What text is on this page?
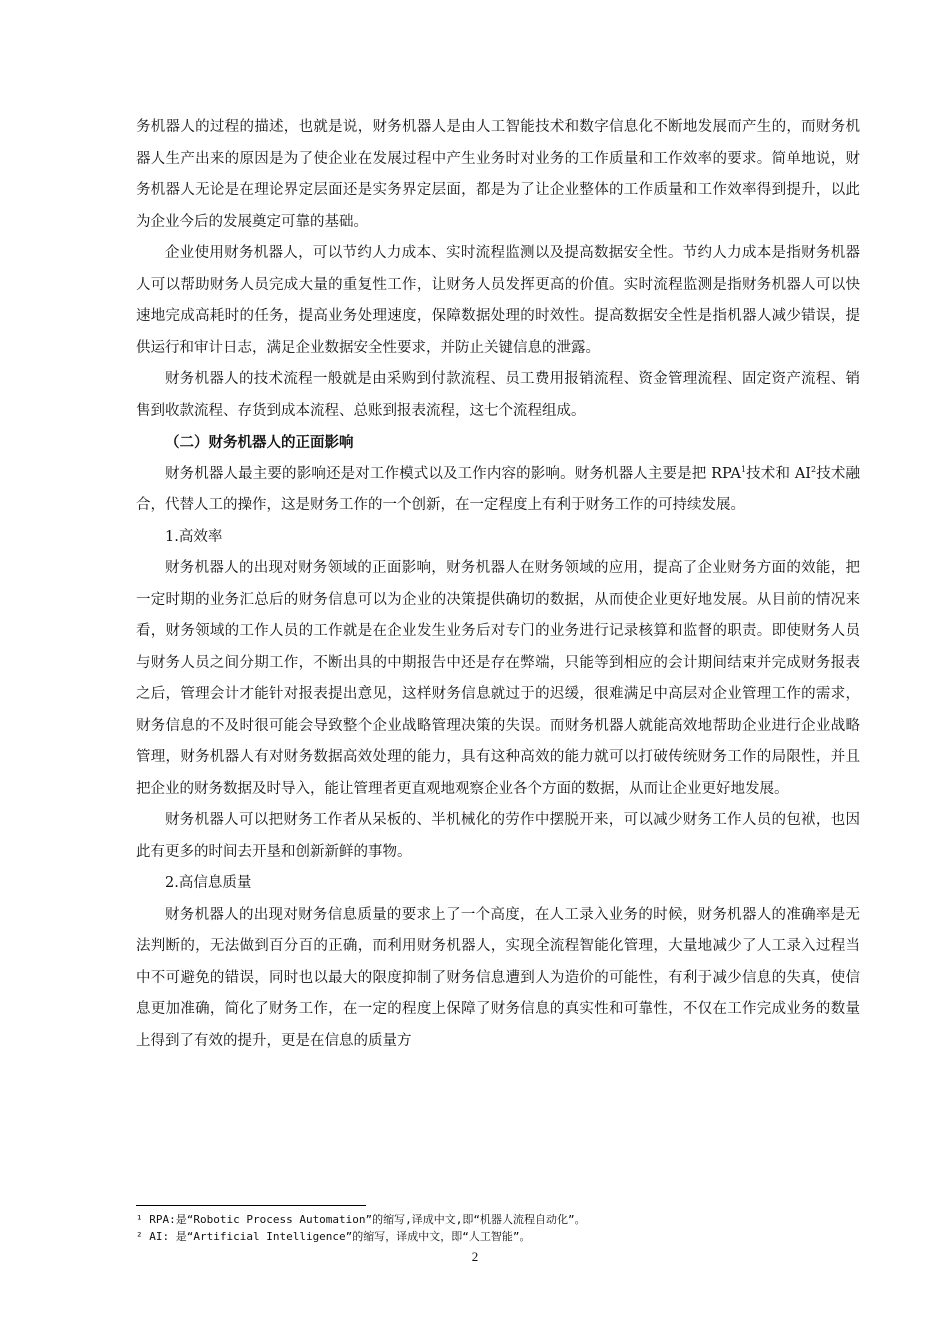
务机器人的过程的描述，也就是说，财务机器人是由人工智能技术和数字信息化不断地发展而产生的，而财务机器人生产出来的原因是为了使企业在发展过程中产生业务时对业务的工作质量和工作效率的要求。简单地说，财务机器人无论是在理论界定层面还是实务界定层面，都是为了让企业整体的工作质量和工作效率得到提升，以此为企业今后的发展奠定可靠的基础。

企业使用财务机器人，可以节约人力成本、实时流程监测以及提高数据安全性。节约人力成本是指财务机器人可以帮助财务人员完成大量的重复性工作，让财务人员发挥更高的价值。实时流程监测是指财务机器人可以快速地完成高耗时的任务，提高业务处理速度，保障数据处理的时效性。提高数据安全性是指机器人减少错误，提供运行和审计日志，满足企业数据安全性要求，并防止关键信息的泄露。

财务机器人的技术流程一般就是由采购到付款流程、员工费用报销流程、资金管理流程、固定资产流程、销售到收款流程、存货到成本流程、总账到报表流程，这七个流程组成。

（二）财务机器人的正面影响

财务机器人最主要的影响还是对工作模式以及工作内容的影响。财务机器人主要是把 RPA$^1$技术和 $AI^2$技术融合，代替人工的操作，这是财务工作的一个创新，在一定程度上有利于财务工作的可持续发展。

1.高效率

财务机器人的出现对财务领域的正面影响，财务机器人在财务领域的应用，提高了企业财务方面的效能，把一定时期的业务汇总后的财务信息可以为企业的决策提供确切的数据，从而使企业更好地发展。从目前的情况来看，财务领域的工作人员的工作就是在企业发生业务后对专门的业务进行记录核算和监督的职责。即使财务人员与财务人员之间分期工作，不断出具的中期报告中还是存在弊端，只能等到相应的会计期间结束并完成财务报表之后，管理会计才能针对报表提出意见，这样财务信息就过于的迟缓，很难满足中高层对企业管理工作的需求，财务信息的不及时很可能会导致整个企业战略管理决策的失误。而财务机器人就能高效地帮助企业进行企业战略管理，财务机器人有对财务数据高效处理的能力，具有这种高效的能力就可以打破传统财务工作的局限性，并且把企业的财务数据及时导入，能让管理者更直观地观察企业各个方面的数据，从而让企业更好地发展。

财务机器人可以把财务工作者从呆板的、半机械化的劳作中摆脱开来，可以减少财务工作人员的包袱，也因此有更多的时间去开垦和创新新鲜的事物。

2.高信息质量

财务机器人的出现对财务信息质量的要求上了一个高度，在人工录入业务的时候，财务机器人的准确率是无法判断的，无法做到百分百的正确，而利用财务机器人，实现全流程智能化管理，大量地减少了人工录入过程当中不可避免的错误，同时也以最大的限度抑制了财务信息遭到人为造价的可能性，有利于减少信息的失真，使信息更加准确，简化了财务工作，在一定的程度上保障了财务信息的真实性和可靠性，不仅在工作完成业务的数量上得到了有效的提升，更是在信息的质量方

¹ RPA:是“Robotic Process Automation”的缩写,译成中文,即“机器人流程自动化”。
² AI: 是“Artificial Intelligence”的缩写，译成中文，即“人工智能”。
2
